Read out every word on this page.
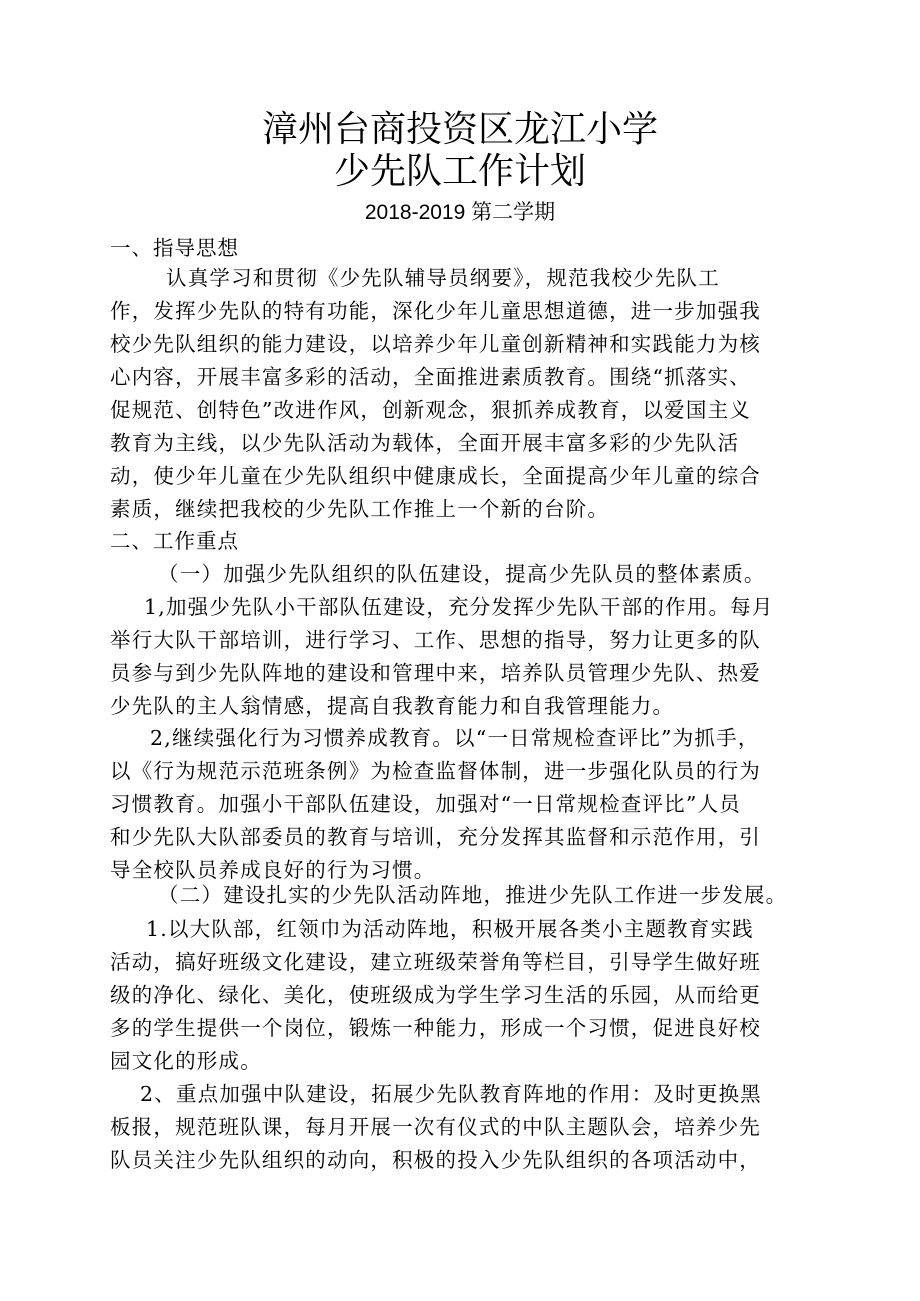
漳州台商投资区龙江小学
少先队工作计划
2018-2019 第二学期
一、指导思想
认真学习和贯彻《少先队辅导员纲要》，规范我校少先队工
作，发挥少先队的特有功能，深化少年儿童思想道德，进一步加强我
校少先队组织的能力建设，以培养少年儿童创新精神和实践能力为核
心内容，开展丰富多彩的活动，全面推进素质教育。围绕“抓落实、
促规范、创特色”改进作风，创新观念，狠抓养成教育，以爱国主义
教育为主线，以少先队活动为载体，全面开展丰富多彩的少先队活
动，使少年儿童在少先队组织中健康成长，全面提高少年儿童的综合
素质，继续把我校的少先队工作推上一个新的台阶。
二、工作重点
（一）加强少先队组织的队伍建设，提高少先队员的整体素质。
1,加强少先队小干部队伍建设，充分发挥少先队干部的作用。每月
举行大队干部培训，进行学习、工作、思想的指导，努力让更多的队
员参与到少先队阵地的建设和管理中来，培养队员管理少先队、热爱
少先队的主人翁情感，提高自我教育能力和自我管理能力。
2,继续强化行为习惯养成教育。以“一日常规检查评比”为抓手，
以《行为规范示范班条例》为检查监督体制，进一步强化队员的行为
习惯教育。加强小干部队伍建设，加强对“一日常规检查评比”人员
和少先队大队部委员的教育与培训，充分发挥其监督和示范作用，引
导全校队员养成良好的行为习惯。
（二）建设扎实的少先队活动阵地，推进少先队工作进一步发展。
1.以大队部，红领巾为活动阵地，积极开展各类小主题教育实践
活动，搞好班级文化建设，建立班级荣誉角等栏目，引导学生做好班
级的净化、绿化、美化，使班级成为学生学习生活的乐园，从而给更
多的学生提供一个岗位，锻炼一种能力，形成一个习惯，促进良好校
园文化的形成。
2、重点加强中队建设，拓展少先队教育阵地的作用：及时更换黑
板报，规范班队课，每月开展一次有仪式的中队主题队会，培养少先
队员关注少先队组织的动向，积极的投入少先队组织的各项活动中，
